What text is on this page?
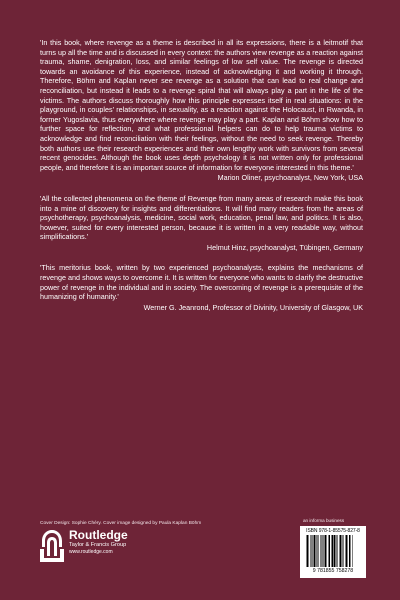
'In this book, where revenge as a theme is described in all its expressions, there is a leitmotif that turns up all the time and is discussed in every context: the authors view revenge as a reaction against trauma, shame, denigration, loss, and similar feelings of low self value. The revenge is directed towards an avoidance of this experience, instead of acknowledging it and working it through. Therefore, Böhm and Kaplan never see revenge as a solution that can lead to real change and reconciliation, but instead it leads to a revenge spiral that will always play a part in the life of the victims. The authors discuss thoroughly how this principle expresses itself in real situations: in the playground, in couples' relationships, in sexuality, as a reaction against the Holocaust, in Rwanda, in former Yugoslavia, thus everywhere where revenge may play a part. Kaplan and Böhm show how to further space for reflection, and what professional helpers can do to help trauma victims to acknowledge and find reconciliation with their feelings, without the need to seek revenge. Thereby both authors use their research experiences and their own lengthy work with survivors from several recent genocides. Although the book uses depth psychology it is not written only for professional people, and therefore it is an important source of information for everyone interested in this theme.'

Marion Oliner, psychoanalyst, New York, USA

'All the collected phenomena on the theme of Revenge from many areas of research make this book into a mine of discovery for insights and differentiations. It will find many readers from the areas of psychotherapy, psychoanalysis, medicine, social work, education, penal law, and politics. It is also, however, suited for every interested person, because it is written in a very readable way, without simplifications.'

Helmut Hinz, psychoanalyst, Tübingen, Germany

'This meritorius book, written by two experienced psychoanalysts, explains the mechanisms of revenge and shows ways to overcome it. It is written for everyone who wants to clarify the destructive power of revenge in the individual and in society. The overcoming of revenge is a prerequisite of the humanizing of humanity.'

Werner G. Jeanrond, Professor of Divinity, University of Glasgow, UK

Cover Design: Sophie Chéry. Cover image designed by Paula Kaplan Böhm
Routledge
Taylor & Francis Group
www.routledge.com
an informa business
ISBN 978-1-85575-827-8
9 781855 758278
